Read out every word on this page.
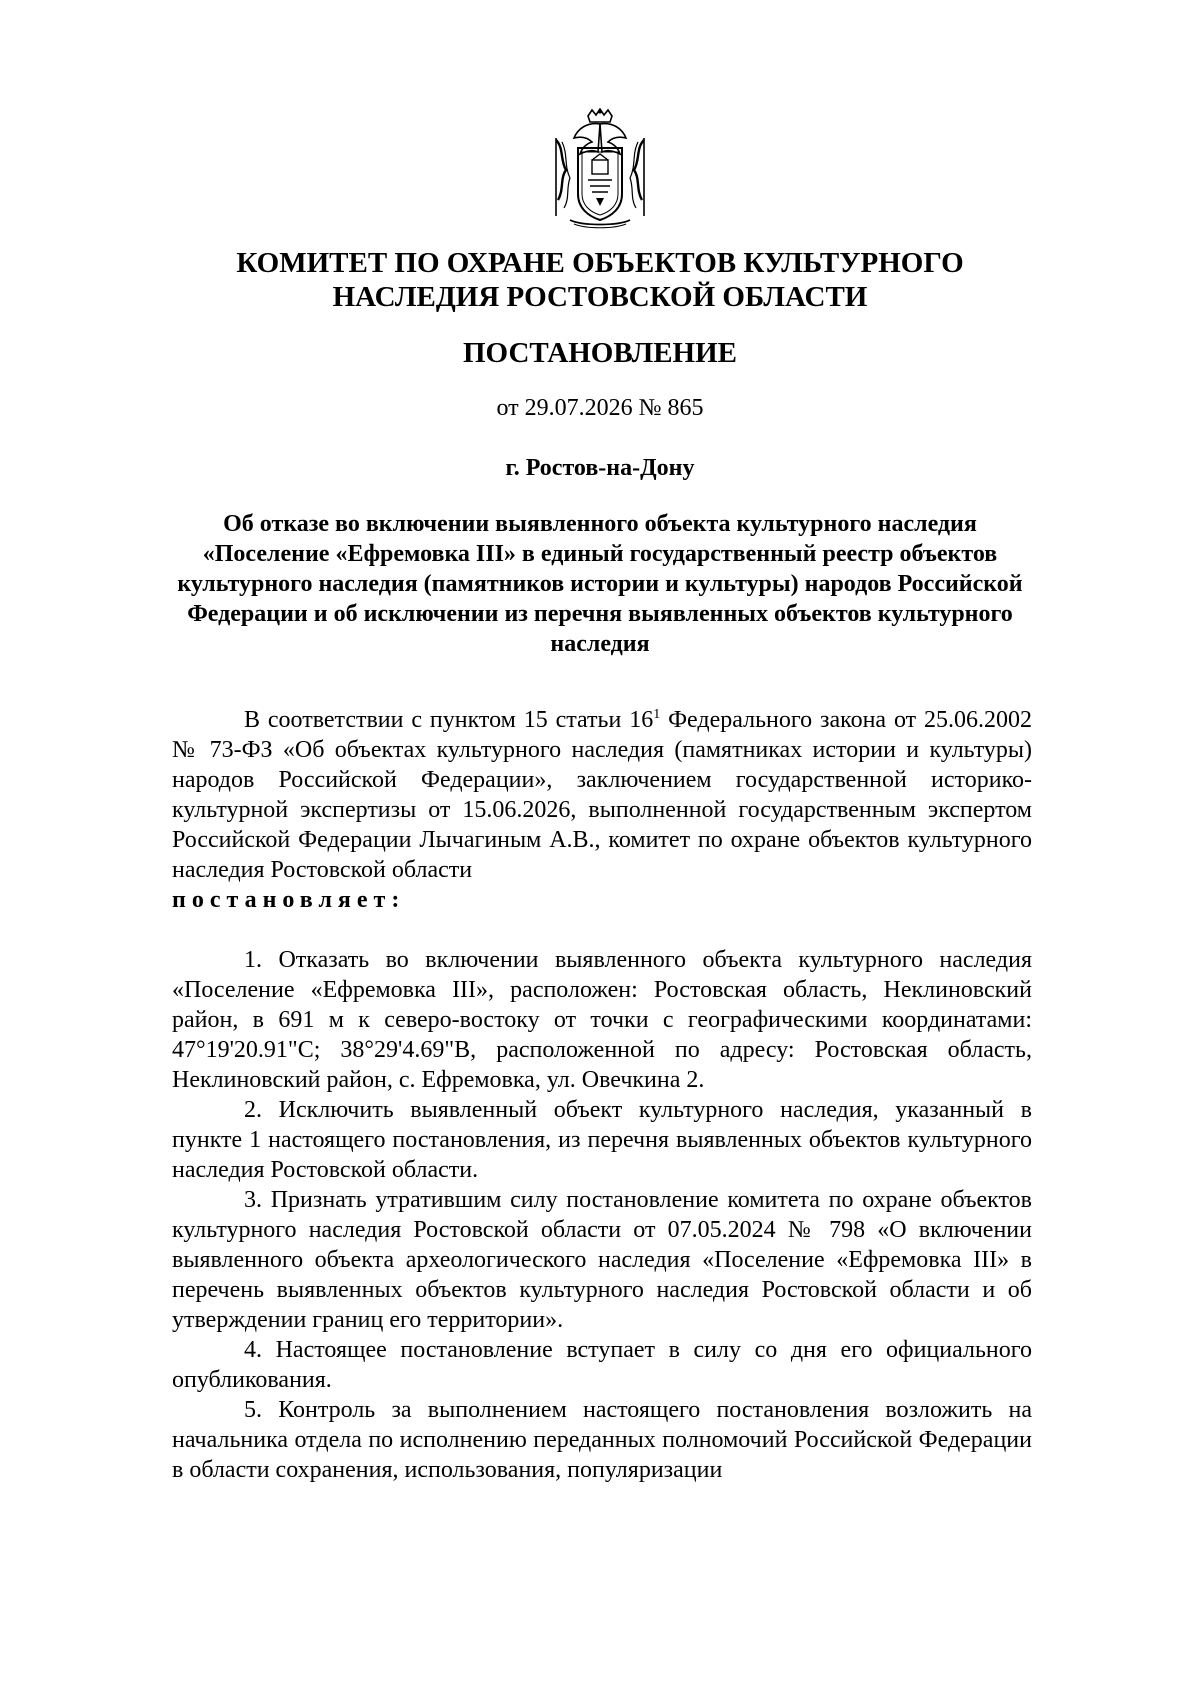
КОМИТЕТ ПО ОХРАНЕ ОБЪЕКТОВ КУЛЬТУРНОГО
НАСЛЕДИЯ РОСТОВСКОЙ ОБЛАСТИ
ПОСТАНОВЛЕНИЕ
от 29.07.2026 № 865
г. Ростов-на-Дону
Об отказе во включении выявленного объекта культурного наследия «Поселение «Ефремовка III» в единый государственный реестр объектов культурного наследия (памятников истории и культуры) народов Российской Федерации и об исключении из перечня выявленных объектов культурного наследия

В соответствии с пунктом 15 статьи $16^1$ Федерального закона от 25.06.2002 № 73-ФЗ «Об объектах культурного наследия (памятниках истории и культуры) народов Российской Федерации», заключением государственной историко-культурной экспертизы от 15.06.2026, выполненной государственным экспертом Российской Федерации Лычагиным А.В., комитет по охране объектов культурного наследия Ростовской области

постановляет:

1. Отказать во включении выявленного объекта культурного наследия «Поселение «Ефремовка III», расположен: Ростовская область, Неклиновский район, в 691 м к северо-востоку от точки с географическими координатами: 47°19'20.91"С; 38°29'4.69"В, расположенной по адресу: Ростовская область, Неклиновский район, с. Ефремовка, ул. Овечкина 2.

2. Исключить выявленный объект культурного наследия, указанный в пункте 1 настоящего постановления, из перечня выявленных объектов культурного наследия Ростовской области.

3. Признать утратившим силу постановление комитета по охране объектов культурного наследия Ростовской области от 07.05.2024 № 798 «О включении выявленного объекта археологического наследия «Поселение «Ефремовка III» в перечень выявленных объектов культурного наследия Ростовской области и об утверждении границ его территории».

4. Настоящее постановление вступает в силу со дня его официального опубликования.

5. Контроль за выполнением настоящего постановления возложить на начальника отдела по исполнению переданных полномочий Российской Федерации в области сохранения, использования, популяризации
